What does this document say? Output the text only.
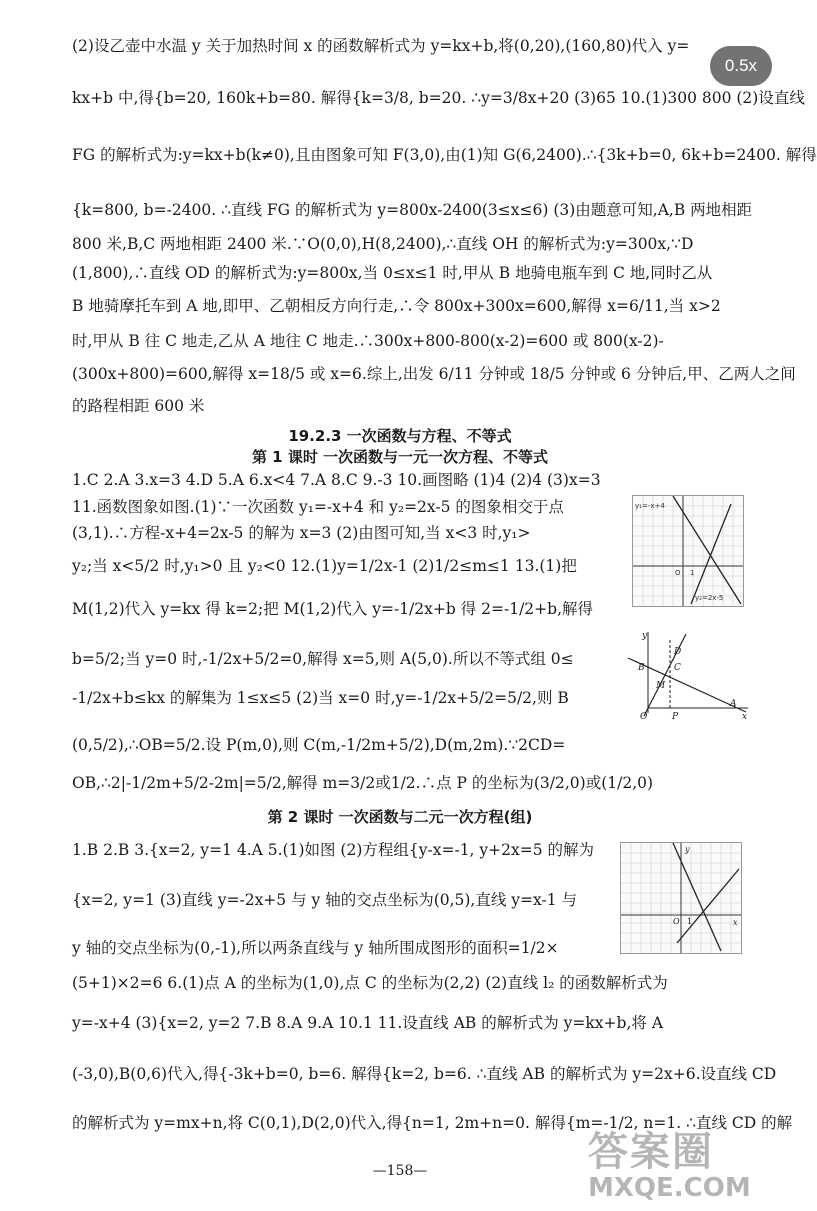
0.5x
(2)设乙壶中水温 y 关于加热时间 x 的函数解析式为 y=kx+b,将(0,20),(160,80)代入 y=
kx+b 中,得{b=20, 160k+b=80. 解得{k=3/8, b=20. ∴y=3/8x+20 (3)65 10.(1)300 800 (2)设直线
FG 的解析式为:y=kx+b(k≠0),且由图象可知 F(3,0),由(1)知 G(6,2400).∴{3k+b=0, 6k+b=2400. 解得
{k=800, b=-2400. ∴直线 FG 的解析式为 y=800x-2400(3≤x≤6) (3)由题意可知,A,B 两地相距
800 米,B,C 两地相距 2400 米.∵O(0,0),H(8,2400),∴直线 OH 的解析式为:y=300x,∵D
(1,800),∴直线 OD 的解析式为:y=800x,当 0≤x≤1 时,甲从 B 地骑电瓶车到 C 地,同时乙从
B 地骑摩托车到 A 地,即甲、乙朝相反方向行走,∴令 800x+300x=600,解得 x=6/11,当 x>2
时,甲从 B 往 C 地走,乙从 A 地往 C 地走.∴300x+800-800(x-2)=600 或 800(x-2)-
(300x+800)=600,解得 x=18/5 或 x=6.综上,出发 6/11 分钟或 18/5 分钟或 6 分钟后,甲、乙两人之间
的路程相距 600 米
19.2.3 一次函数与方程、不等式
第 1 课时 一次函数与一元一次方程、不等式
1.C 2.A 3.x=3 4.D 5.A 6.x<4 7.A 8.C 9.-3 10.画图略 (1)4 (2)4 (3)x=3
11.函数图象如图.(1)∵一次函数 y₁=-x+4 和 y₂=2x-5 的图象相交于点
(3,1).∴方程-x+4=2x-5 的解为 x=3 (2)由图可知,当 x<3 时,y₁>
y₂;当 x<5/2 时,y₁>0 且 y₂<0 12.(1)y=1/2x-1 (2)1/2≤m≤1 13.(1)把
M(1,2)代入 y=kx 得 k=2;把 M(1,2)代入 y=-1/2x+b 得 2=-1/2+b,解得
b=5/2;当 y=0 时,-1/2x+5/2=0,解得 x=5,则 A(5,0).所以不等式组 0≤
-1/2x+b≤kx 的解集为 1≤x≤5 (2)当 x=0 时,y=-1/2x+5/2=5/2,则 B
(0,5/2),∴OB=5/2.设 P(m,0),则 C(m,-1/2m+5/2),D(m,2m).∵2CD=
OB,∴2|-1/2m+5/2-2m|=5/2,解得 m=3/2或1/2.∴点 P 的坐标为(3/2,0)或(1/2,0)
y₁=-x+4
y₂=2x-5
O 1
y
x
O	P
A
B	C
D
M
第 2 课时 一次函数与二元一次方程(组)
1.B 2.B 3.{x=2, y=1 4.A 5.(1)如图 (2)方程组{y-x=-1, y+2x=5 的解为
{x=2, y=1 (3)直线 y=-2x+5 与 y 轴的交点坐标为(0,5),直线 y=x-1 与
y 轴的交点坐标为(0,-1),所以两条直线与 y 轴所围成图形的面积=1/2×
(5+1)×2=6 6.(1)点 A 的坐标为(1,0),点 C 的坐标为(2,2) (2)直线 l₂ 的函数解析式为
y=-x+4 (3){x=2, y=2 7.B 8.A 9.A 10.1 11.设直线 AB 的解析式为 y=kx+b,将 A
(-3,0),B(0,6)代入,得{-3k+b=0, b=6. 解得{k=2, b=6. ∴直线 AB 的解析式为 y=2x+6.设直线 CD
的解析式为 y=mx+n,将 C(0,1),D(2,0)代入,得{n=1, 2m+n=0. 解得{m=-1/2, n=1. ∴直线 CD 的解
y
x
O 1
—158—	答案圈
MXQE.COM
